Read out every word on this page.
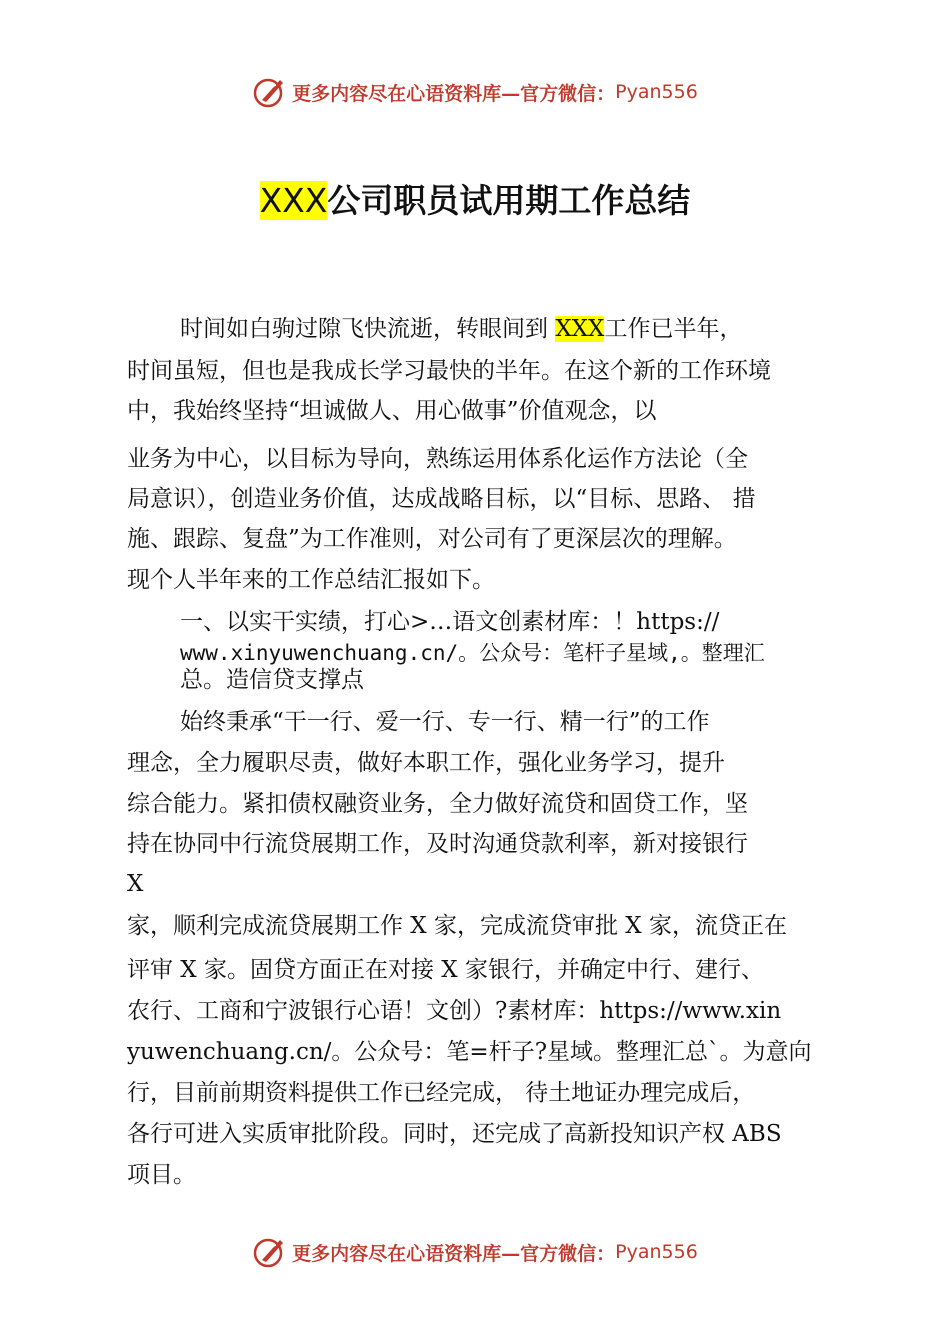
更多内容尽在心语资料库—官方微信： Pyan556
XXX公司职员试用期工作总结
时间如白驹过隙飞快流逝，转眼间到 XXX工作已半年，
时间虽短，但也是我成长学习最快的半年。在这个新的工作环境
中，我始终坚持“坦诚做人、用心做事”价值观念，以
业务为中心，以目标为导向，熟练运用体系化运作方法论（全
局意识），创造业务价值，达成战略目标，以“目标、思路、 措
施、跟踪、复盘”为工作准则，对公司有了更深层次的理解。
现个人半年来的工作总结汇报如下。
一、以实干实绩，打心>…语文创素材库：！https://
www.xinyuwenchuang.cn/。公众号：笔杆子星域,。整理汇
总。造信贷支撑点
始终秉承“干一行、爱一行、专一行、精一行”的工作
理念，全力履职尽责，做好本职工作，强化业务学习，提升
综合能力。紧扣债权融资业务，全力做好流贷和固贷工作，坚
持在协同中行流贷展期工作，及时沟通贷款利率，新对接银行
X
家，顺利完成流贷展期工作 X 家，完成流贷审批 X 家，流贷正在
评审 X 家。固贷方面正在对接 X 家银行，并确定中行、建行、
农行、工商和宁波银行心语！文创）?素材库：https://www.xin
yuwenchuang.cn/。公众号：笔=杆子?星域。整理汇总`。为意向
行，目前前期资料提供工作已经完成， 待土地证办理完成后，
各行可进入实质审批阶段。同时，还完成了高新投知识产权 ABS
项目。
更多内容尽在心语资料库—官方微信： Pyan556
